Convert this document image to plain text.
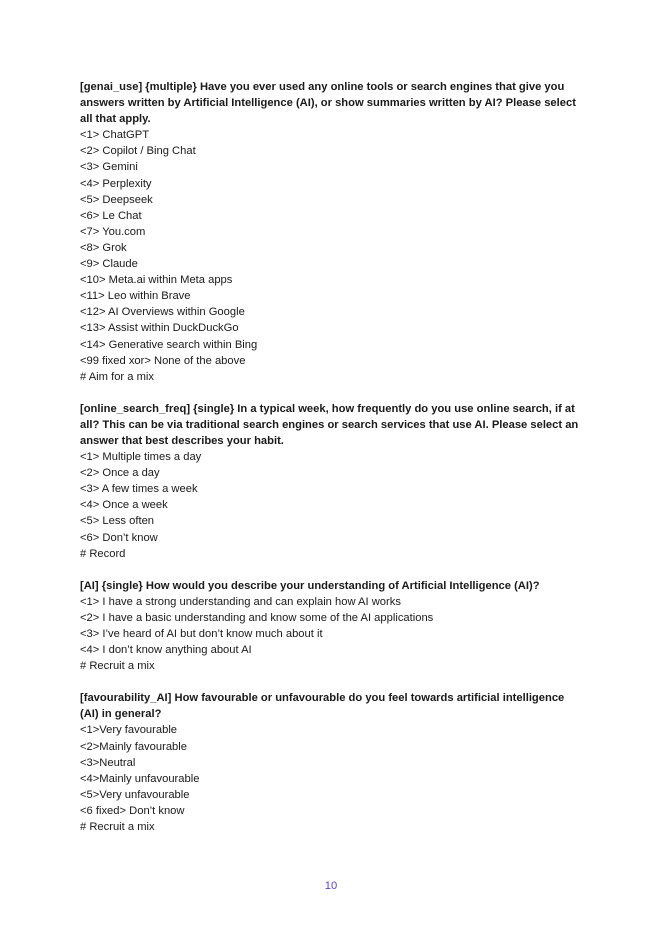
[genai_use] {multiple} Have you ever used any online tools or search engines that give you answers written by Artificial Intelligence (AI), or show summaries written by AI? Please select all that apply.

<1> ChatGPT

<2> Copilot / Bing Chat

<3> Gemini

<4> Perplexity

<5> Deepseek

<6> Le Chat

<7> You.com

<8> Grok

<9> Claude

<10> Meta.ai within Meta apps

<11> Leo within Brave

<12> AI Overviews within Google

<13> Assist within DuckDuckGo

<14> Generative search within Bing

<99 fixed xor> None of the above

# Aim for a mix

[online_search_freq] {single} In a typical week, how frequently do you use online search, if at all? This can be via traditional search engines or search services that use AI. Please select an answer that best describes your habit.

<1> Multiple times a day

<2> Once a day

<3> A few times a week

<4> Once a week

<5> Less often

<6> Don’t know

# Record

[AI] {single} How would you describe your understanding of Artificial Intelligence (AI)?

<1> I have a strong understanding and can explain how AI works

<2> I have a basic understanding and know some of the AI applications

<3> I’ve heard of AI but don’t know much about it

<4> I don’t know anything about AI

# Recruit a mix

[favourability_AI] How favourable or unfavourable do you feel towards artificial intelligence (AI) in general?

<1>Very favourable

<2>Mainly favourable

<3>Neutral

<4>Mainly unfavourable

<5>Very unfavourable

<6 fixed> Don’t know

# Recruit a mix

10
